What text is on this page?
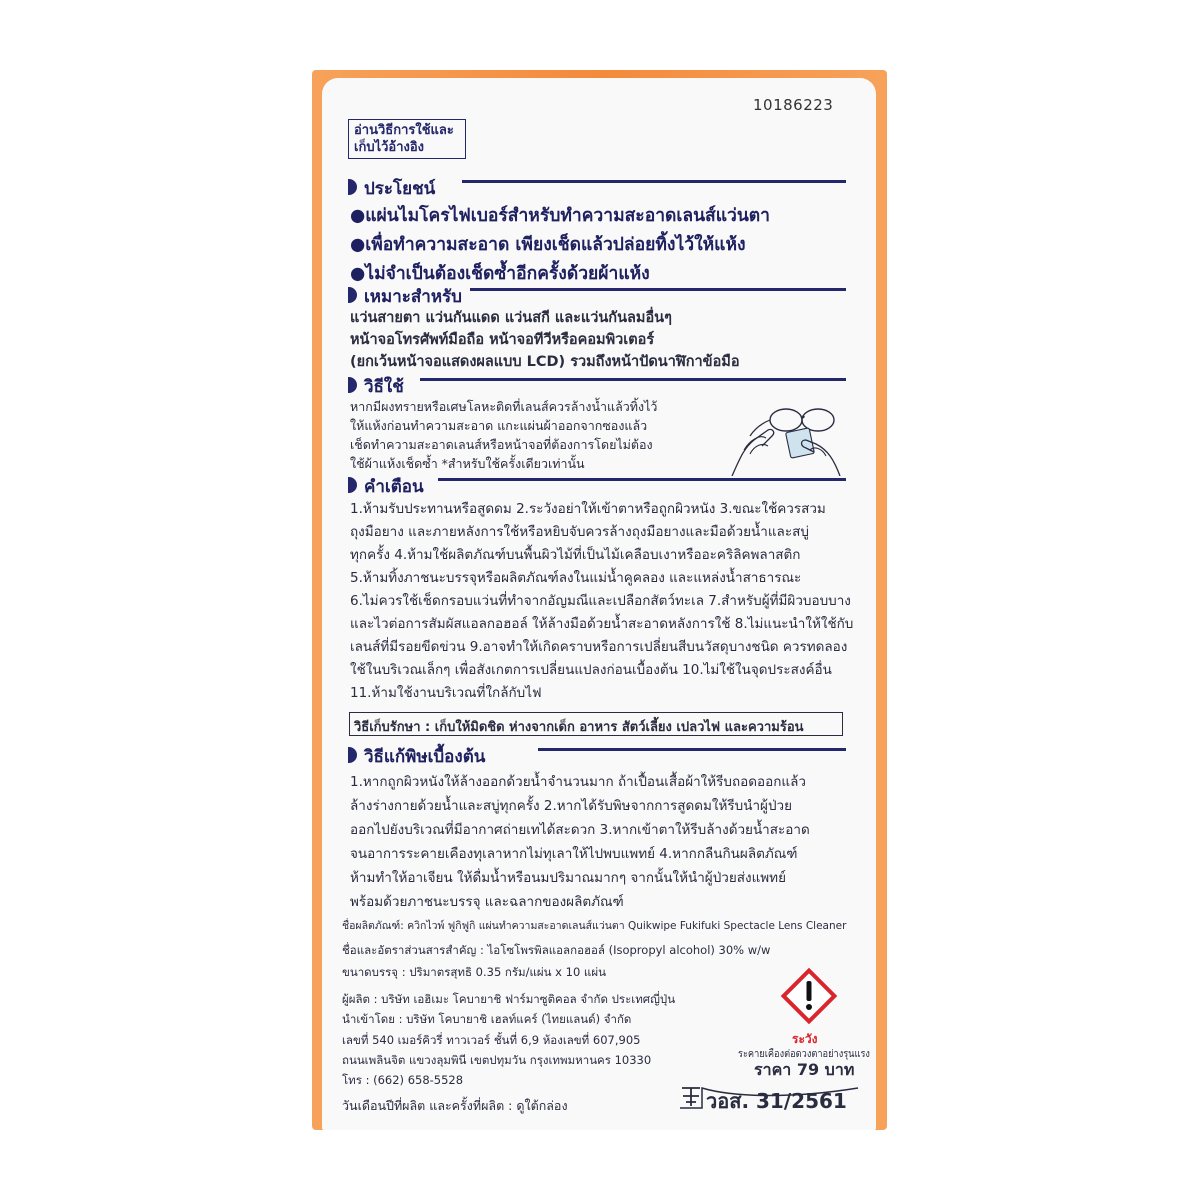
10186223
อ่านวิธีการใช้และ
เก็บไว้อ้างอิง
ประโยชน์
●แผ่นไมโครไฟเบอร์สำหรับทำความสะอาดเลนส์แว่นตา
●เพื่อทำความสะอาด เพียงเช็ดแล้วปล่อยทิ้งไว้ให้แห้ง
●ไม่จำเป็นต้องเช็ดซ้ำอีกครั้งด้วยผ้าแห้ง
เหมาะสำหรับ
แว่นสายตา แว่นกันแดด แว่นสกี และแว่นกันลมอื่นๆ
หน้าจอโทรศัพท์มือถือ หน้าจอทีวีหรือคอมพิวเตอร์
(ยกเว้นหน้าจอแสดงผลแบบ LCD) รวมถึงหน้าปัดนาฬิกาข้อมือ
วิธีใช้
หากมีผงทรายหรือเศษโลหะติดที่เลนส์ควรล้างน้ำแล้วทิ้งไว้
ให้แห้งก่อนทำความสะอาด แกะแผ่นผ้าออกจากซองแล้ว
เช็ดทำความสะอาดเลนส์หรือหน้าจอที่ต้องการโดยไม่ต้อง
ใช้ผ้าแห้งเช็ดซ้ำ *สำหรับใช้ครั้งเดียวเท่านั้น
คำเตือน
1.ห้ามรับประทานหรือสูดดม 2.ระวังอย่าให้เข้าตาหรือถูกผิวหนัง 3.ขณะใช้ควรสวม
ถุงมือยาง และภายหลังการใช้หรือหยิบจับควรล้างถุงมือยางและมือด้วยน้ำและสบู่
ทุกครั้ง 4.ห้ามใช้ผลิตภัณฑ์บนพื้นผิวไม้ที่เป็นไม้เคลือบเงาหรืออะคริลิคพลาสติก
5.ห้ามทิ้งภาชนะบรรจุหรือผลิตภัณฑ์ลงในแม่น้ำคูคลอง และแหล่งน้ำสาธารณะ
6.ไม่ควรใช้เช็ดกรอบแว่นที่ทำจากอัญมณีและเปลือกสัตว์ทะเล 7.สำหรับผู้ที่มีผิวบอบบาง
และไวต่อการสัมผัสแอลกอฮอล์ ให้ล้างมือด้วยน้ำสะอาดหลังการใช้ 8.ไม่แนะนำให้ใช้กับ
เลนส์ที่มีรอยขีดข่วน 9.อาจทำให้เกิดคราบหรือการเปลี่ยนสีบนวัสดุบางชนิด ควรทดลอง
ใช้ในบริเวณเล็กๆ เพื่อสังเกตการเปลี่ยนแปลงก่อนเบื้องต้น 10.ไม่ใช้ในจุดประสงค์อื่น
11.ห้ามใช้งานบริเวณที่ใกล้กับไฟ
วิธีเก็บรักษา : เก็บให้มิดชิด ห่างจากเด็ก อาหาร สัตว์เลี้ยง เปลวไฟ และความร้อน
วิธีแก้พิษเบื้องต้น
1.หากถูกผิวหนังให้ล้างออกด้วยน้ำจำนวนมาก ถ้าเปื้อนเสื้อผ้าให้รีบถอดออกแล้ว
ล้างร่างกายด้วยน้ำและสบู่ทุกครั้ง 2.หากได้รับพิษจากการสูดดมให้รีบนำผู้ป่วย
ออกไปยังบริเวณที่มีอากาศถ่ายเทได้สะดวก 3.หากเข้าตาให้รีบล้างด้วยน้ำสะอาด
จนอาการระคายเคืองทุเลาหากไม่ทุเลาให้ไปพบแพทย์ 4.หากกลืนกินผลิตภัณฑ์
ห้ามทำให้อาเจียน ให้ดื่มน้ำหรือนมปริมาณมากๆ จากนั้นให้นำผู้ป่วยส่งแพทย์
พร้อมด้วยภาชนะบรรจุ และฉลากของผลิตภัณฑ์
ชื่อผลิตภัณฑ์: ควิกไวพ์ ฟูกิฟูกิ แผ่นทำความสะอาดเลนส์แว่นตา Quikwipe Fukifuki Spectacle Lens Cleaner
ชื่อและอัตราส่วนสารสำคัญ : ไอโซโพรพิลแอลกอฮอล์ (Isopropyl alcohol) 30% w/w
ขนาดบรรจุ : ปริมาตรสุทธิ 0.35 กรัม/แผ่น x 10 แผ่น
ผู้ผลิต : บริษัท เอฮิเมะ โคบายาชิ ฟาร์มาซูติคอล จำกัด ประเทศญี่ปุ่น
นำเข้าโดย : บริษัท โคบายาชิ เฮลท์แคร์ (ไทยแลนด์) จำกัด
เลขที่ 540 เมอร์คิวรี่ ทาวเวอร์ ชั้นที่ 6,9 ห้องเลขที่ 607,905
ถนนเพลินจิต แขวงลุมพินี เขตปทุมวัน กรุงเทพมหานคร 10330
โทร : (662) 658-5528
วันเดือนปีที่ผลิต และครั้งที่ผลิต : ดูใต้กล่อง
ระวัง
ระคายเคืองต่อดวงตาอย่างรุนแรง
ราคา 79 บาท
วอส. 31/2561
